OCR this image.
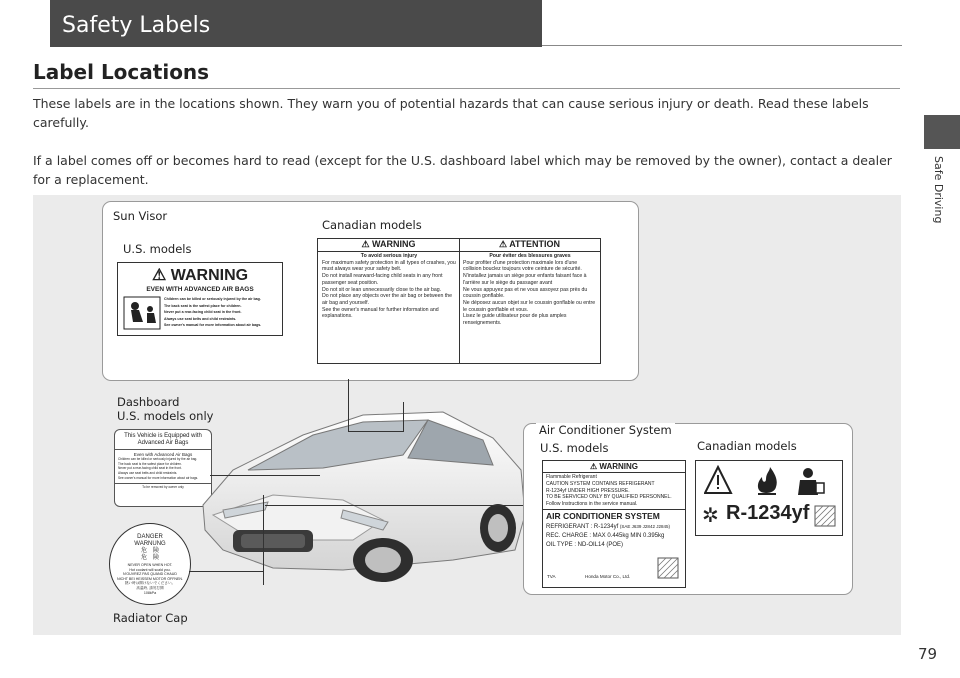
Safety Labels
Label Locations
These labels are in the locations shown. They warn you of potential hazards that can cause serious injury or death. Read these labels carefully.
If a label comes off or becomes hard to read (except for the U.S. dashboard label which may be removed by the owner), contact a dealer for a replacement.	Safe Driving
79
Sun Visor
U.S. models
Canadian models
⚠ WARNING
EVEN WITH ADVANCED AIR BAGS
Children can be killed or seriously injured by the air bag.
The back seat is the safest place for children.
Never put a rear-facing child seat in the front.
Always use seat belts and child restraints.
See owner's manual for more information about air bags.
⚠ WARNING	⚠ ATTENTION
To avoid serious injury
For maximum safety protection in all types of crashes, you must always wear your safety belt.
Do not install rearward-facing child seats in any front passenger seat position.
Do not sit or lean unnecessarily close to the air bag.
Do not place any objects over the air bag or between the air bag and yourself.
See the owner's manual for further information and explanations.
Pour éviter des blessures graves
Pour profiter d'une protection maximale lors d'une collision bouclez toujours votre ceinture de sécurité.
N'installez jamais un siège pour enfants faisant face à l'arrière sur le siège du passager avant
Ne vous appuyez pas et ne vous assoyez pas près du coussin gonflable.
Ne déposez aucun objet sur le coussin gonflable ou entre le coussin gonflable et vous.
Lisez le guide utilisateur pour de plus amples renseignements.
Dashboard
U.S. models only
This Vehicle is Equipped with Advanced Air Bags
Even with Advanced Air Bags
Children can be killed or seriously injured by the air bag.
The back seat is the safest place for children.
Never put a rear-facing child seat in the front.
Always use seat belts and child restraints.
See owner's manual for more information about air bags.
To be removed by owner only
DANGER
WARNUNG
危　険
危　険
NEVER OPEN WHEN HOT.
Hot coolant will scald you.
N'OUVREZ PAS QUAND CHAUD
NICHT BEI HEISSEM MOTOR ÖFFNEN.
熱い時は開けないでください。
高温時, 請勿打開
108kPa
Radiator Cap
Air Conditioner System
U.S. models	Canadian models
⚠ WARNING
Flammable Refrigerant
CAUTION SYSTEM CONTAINS REFRIGERANT
R-1234yf UNDER HIGH PRESSURE.
TO BE SERVICED ONLY BY QUALIFIED PERSONNEL.
Follow Instructions in the service manual.
AIR CONDITIONER SYSTEM
REFRIGERANT : R-1234yf (SAE J639 J2842 J2845)
REC. CHARGE : MAX 0.445kg MIN 0.395kg
OIL TYPE : ND-OIL14 (POE)
TVA	Honda Motor Co., Ltd.
✲ R-1234yf
